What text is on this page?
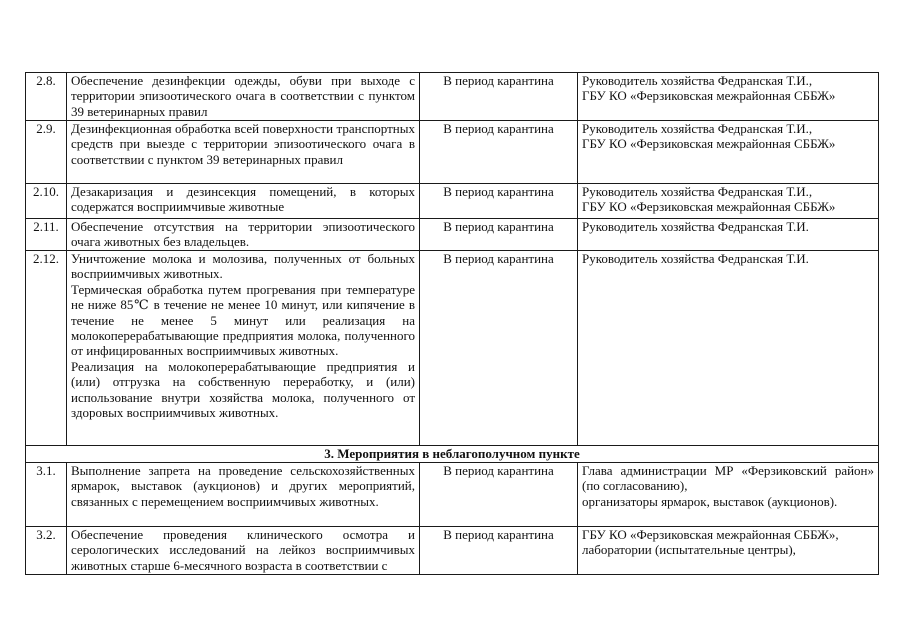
2.8.	Обеспечение дезинфекции одежды, обуви при выходе с территории эпизоотического очага в соответствии с пунктом 39 ветеринарных правил	В период карантина	Руководитель хозяйства Федранская Т.И.,
ГБУ КО «Ферзиковская межрайонная СББЖ»

2.9.	Дезинфекционная обработка всей поверхности транспортных средств при выезде с территории эпизоотического очага в соответствии с пунктом 39 ветеринарных правил	В период карантина	Руководитель хозяйства Федранская Т.И.,
ГБУ КО «Ферзиковская межрайонная СББЖ»

2.10.	Дезакаризация и дезинсекция помещений, в которых содержатся восприимчивые животные	В период карантина	Руководитель хозяйства Федранская Т.И.,
ГБУ КО «Ферзиковская межрайонная СББЖ»

2.11.	Обеспечение отсутствия на территории эпизоотического очага животных без владельцев.	В период карантина	Руководитель хозяйства Федранская Т.И.

2.12.	Уничтожение молока и молозива, полученных от больных восприимчивых животных.
Термическая обработка путем прогревания при температуре не ниже 85℃ в течение не менее 10 минут, или кипячение в течение не менее 5 минут или реализация на молокоперерабатывающие предприятия молока, полученного от инфицированных восприимчивых животных.
Реализация на молокоперерабатывающие предприятия и (или) отгрузка на собственную переработку, и (или) использование внутри хозяйства молока, полученного от здоровых восприимчивых животных.	В период карантина	Руководитель хозяйства Федранская Т.И.

3. Мероприятия в неблагополучном пункте			
3.1.	Выполнение запрета на проведение сельскохозяйственных ярмарок, выставок (аукционов) и других мероприятий, связанных с перемещением восприимчивых животных.	В период карантина	Глава администрации МР «Ферзиковский район» (по согласованию),
организаторы ярмарок, выставок (аукционов).

3.2.	Обеспечение проведения клинического осмотра и серологических исследований на лейкоз восприимчивых животных старше 6-месячного возраста в соответствии с	В период карантина	ГБУ КО «Ферзиковская межрайонная СББЖ»,
лаборатории (испытательные центры),
